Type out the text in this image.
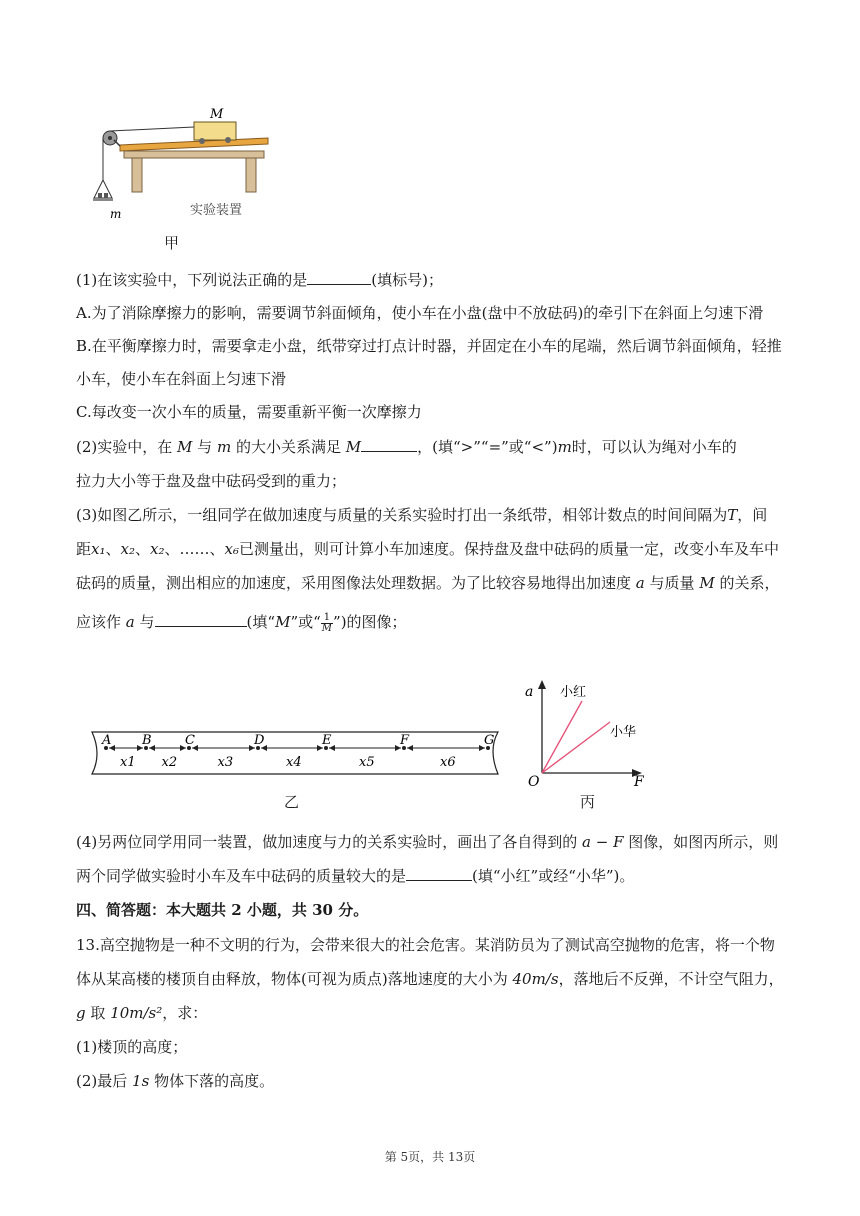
M
m	实验装置
甲
(1)在该实验中，下列说法正确的是	(填标号)；
A.为了消除摩擦力的影响，需要调节斜面倾角，使小车在小盘(盘中不放砝码)的牵引下在斜面上匀速下滑
B.在平衡摩擦力时，需要拿走小盘，纸带穿过打点计时器，并固定在小车的尾端，然后调节斜面倾角，轻推
小车，使小车在斜面上匀速下滑
C.每改变一次小车的质量，需要重新平衡一次摩擦力
(2)实验中，在 M 与 m 的大小关系满足 M	，(填“>”“=”或“<”)m时，可以认为绳对小车的
拉力大小等于盘及盘中砝码受到的重力；
(3)如图乙所示，一组同学在做加速度与质量的关系实验时打出一条纸带，相邻计数点的时间间隔为T，间
距x₁、x₂、x₂、……、x₆已测量出，则可计算小车加速度。保持盘及盘中砝码的质量一定，改变小车及车中
砝码的质量，测出相应的加速度，采用图像法处理数据。为了比较容易地得出加速度 a 与质量 M 的关系，
应该作 a 与	(填“M”或“ $\frac{1}{M}$ ”)的图像；
A B	C	D	E	F	G
x1 x2	x3	x4	x5	x6
乙
a
F
O
小红
小华
丙
(4)另两位同学用同一装置，做加速度与力的关系实验时，画出了各自得到的 a − F 图像，如图丙所示，则
两个同学做实验时小车及车中砝码的质量较大的是	(填“小红”或经“小华”)。
四、简答题：本大题共 2 小题，共 30 分。
13.高空抛物是一种不文明的行为，会带来很大的社会危害。某消防员为了测试高空抛物的危害，将一个物
体从某高楼的楼顶自由释放，物体(可视为质点)落地速度的大小为 40m/s，落地后不反弹，不计空气阻力，
g 取 10m/s²，求：
(1)楼顶的高度；
(2)最后 1s 物体下落的高度。
第 5页，共 13页
